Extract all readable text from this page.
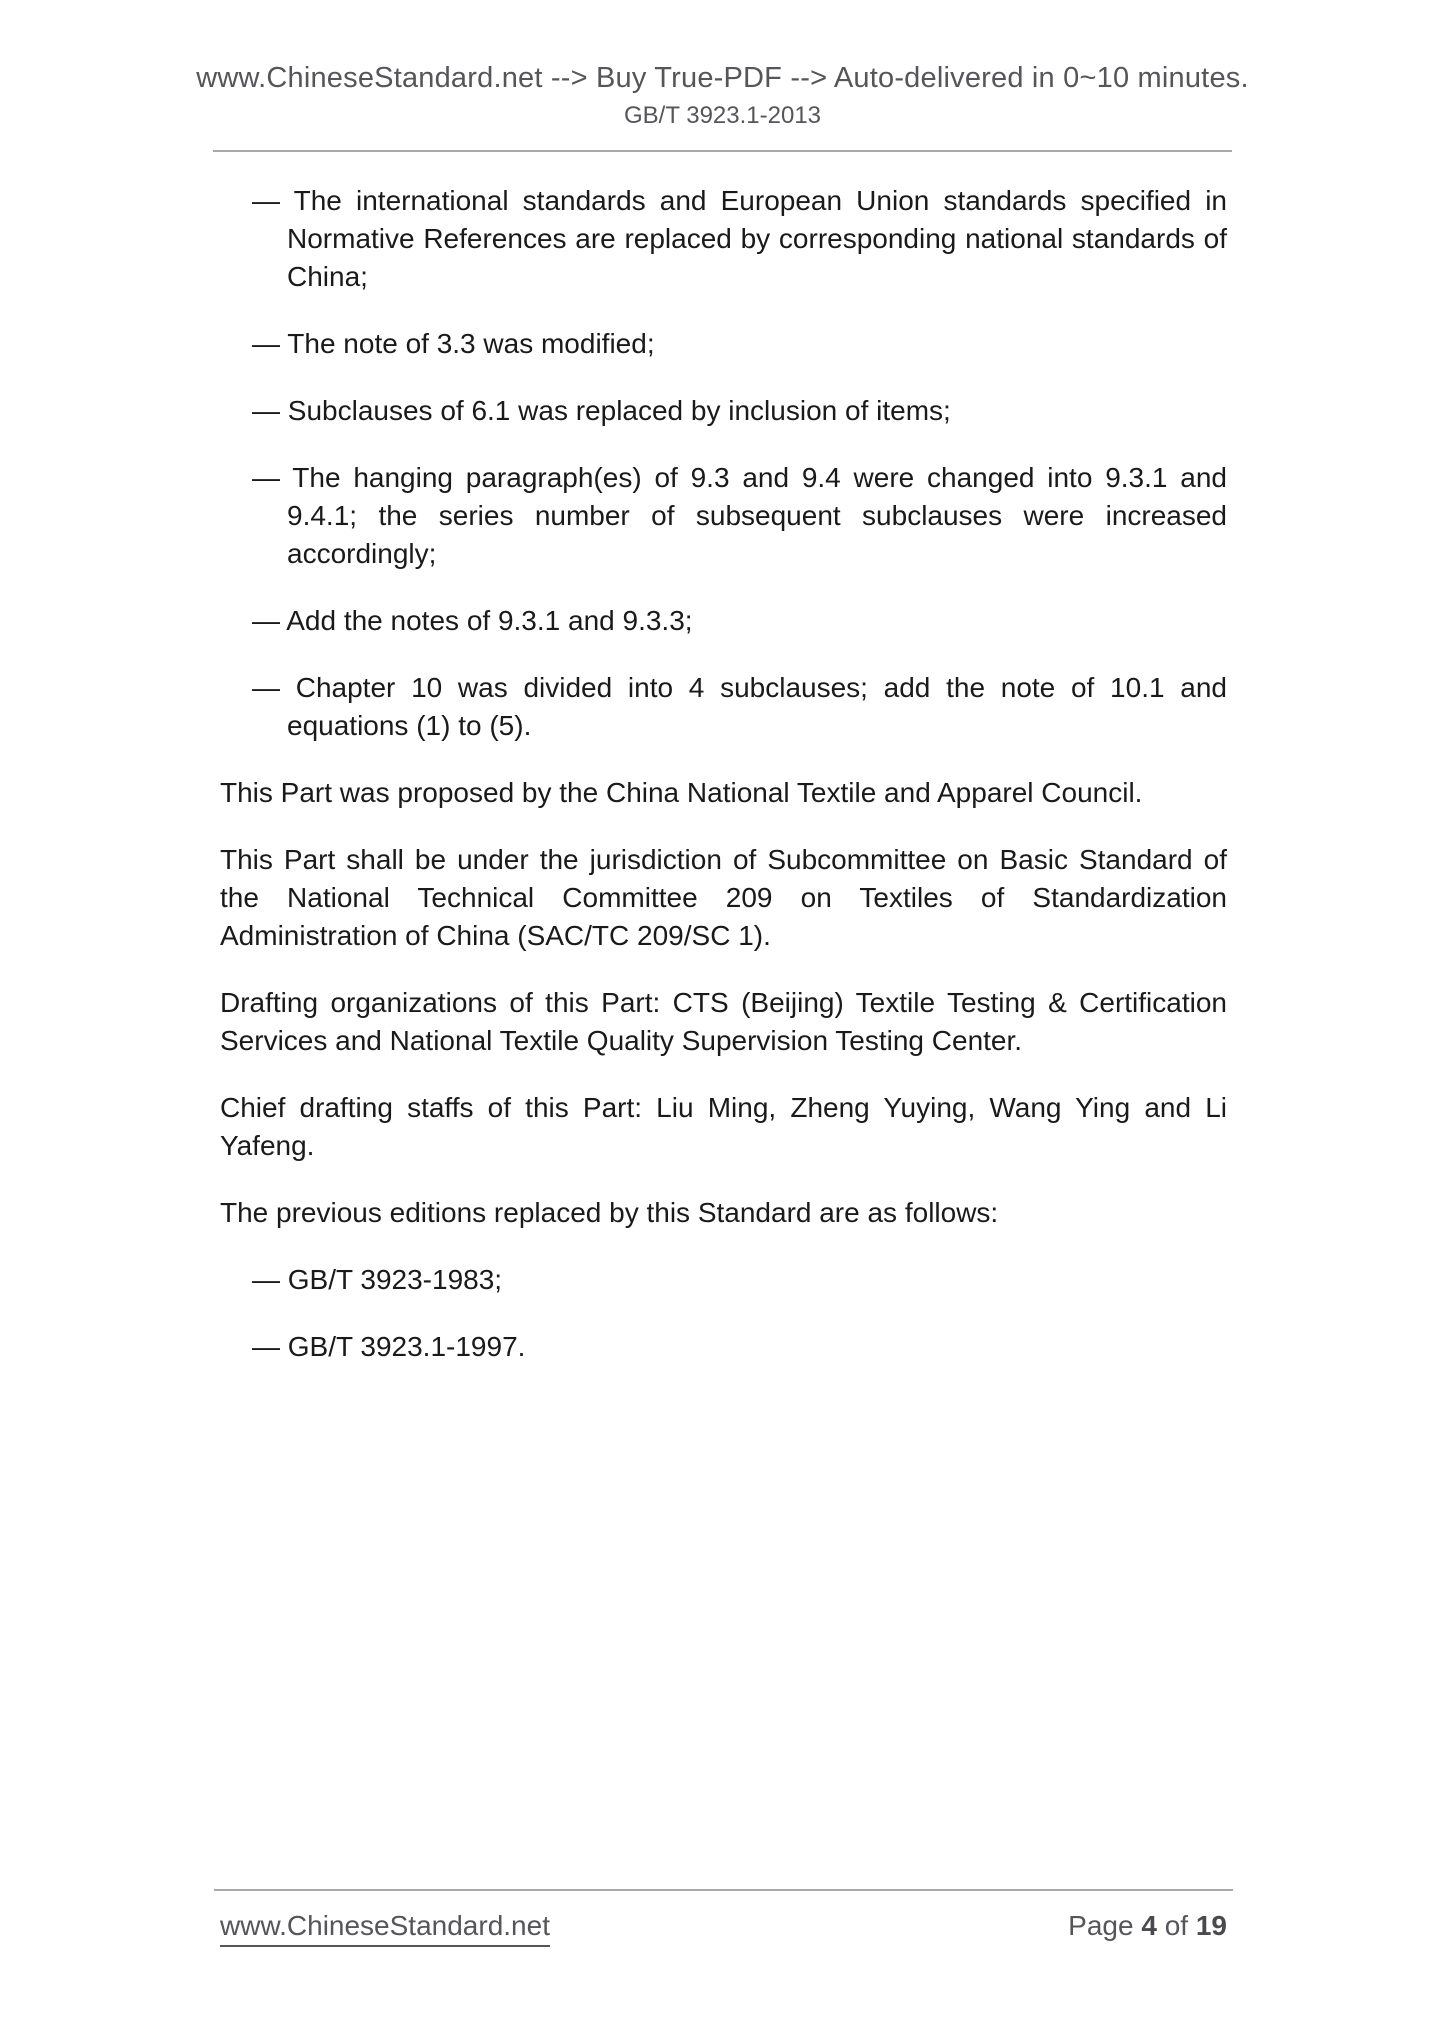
www.ChineseStandard.net --> Buy True-PDF --> Auto-delivered in 0~10 minutes.
GB/T 3923.1-2013

— The international standards and European Union standards specified in Normative References are replaced by corresponding national standards of China;

— The note of 3.3 was modified;

— Subclauses of 6.1 was replaced by inclusion of items;

— The hanging paragraph(es) of 9.3 and 9.4 were changed into 9.3.1 and 9.4.1; the series number of subsequent subclauses were increased accordingly;

— Add the notes of 9.3.1 and 9.3.3;

— Chapter 10 was divided into 4 subclauses; add the note of 10.1 and equations (1) to (5).

This Part was proposed by the China National Textile and Apparel Council.

This Part shall be under the jurisdiction of Subcommittee on Basic Standard of the National Technical Committee 209 on Textiles of Standardization Administration of China (SAC/TC 209/SC 1).

Drafting organizations of this Part: CTS (Beijing) Textile Testing & Certification Services and National Textile Quality Supervision Testing Center.

Chief drafting staffs of this Part: Liu Ming, Zheng Yuying, Wang Ying and Li Yafeng.

The previous editions replaced by this Standard are as follows:

— GB/T 3923-1983;

— GB/T 3923.1-1997.

www.ChineseStandard.net	Page 4 of 19
